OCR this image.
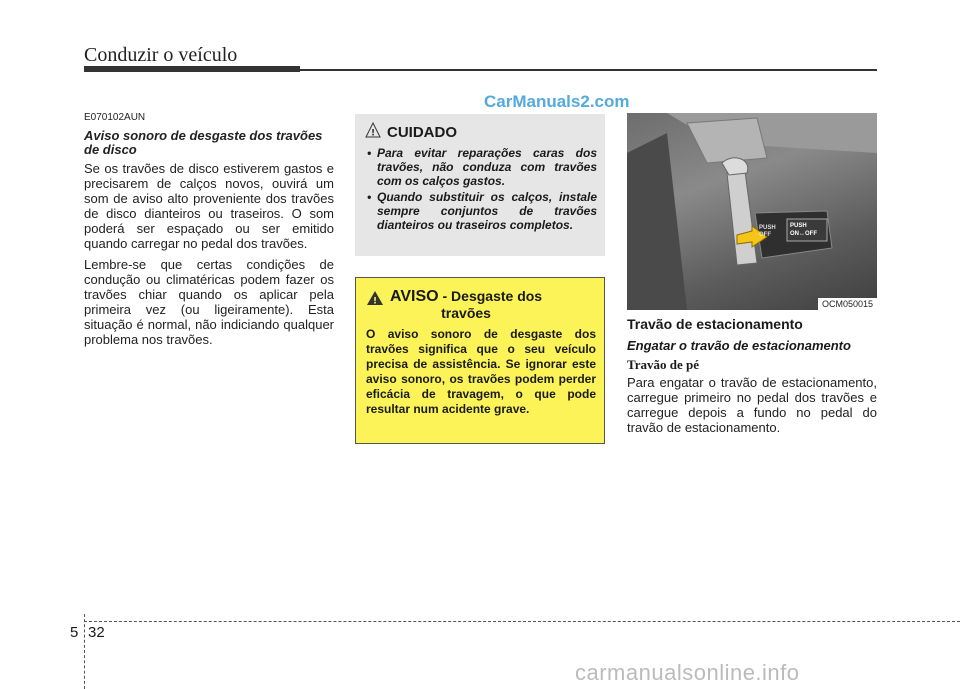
Conduzir o veículo
CarManuals2.com
E070102AUN
Aviso sonoro de desgaste dos travões de disco

Se os travões de disco estiverem gastos e precisarem de calços novos, ouvirá um som de aviso alto proveniente dos travões de disco dianteiros ou traseiros. O som poderá ser espaçado ou ser emitido quando carregar no pedal dos travões.

Lembre-se que certas condições de condução ou climatéricas podem fazer os travões chiar quando os aplicar pela primeira vez (ou ligeiramente). Esta situação é normal, não indiciando qualquer problema nos travões.

! CUIDADO
• Para evitar reparações caras dos travões, não conduza com travões com os calços gastos.
• Quando substituir os calços, instale sempre conjuntos de travões dianteiros ou traseiros completos.
! AVISO - Desgaste dos
travões
O aviso sonoro de desgaste dos travões significa que o seu veículo precisa de assistência. Se ignorar este aviso sonoro, os travões podem perder eficácia de travagem, o que pode resultar num acidente grave.
PUSH
OFF
PUSH
ON↔OFF
OCM050015
Travão de estacionamento
Engatar o travão de estacionamento
Travão de pé

Para engatar o travão de estacionamento, carregue primeiro no pedal dos travões e carregue depois a fundo no pedal do travão de estacionamento.

5 32
carmanualsonline.info
